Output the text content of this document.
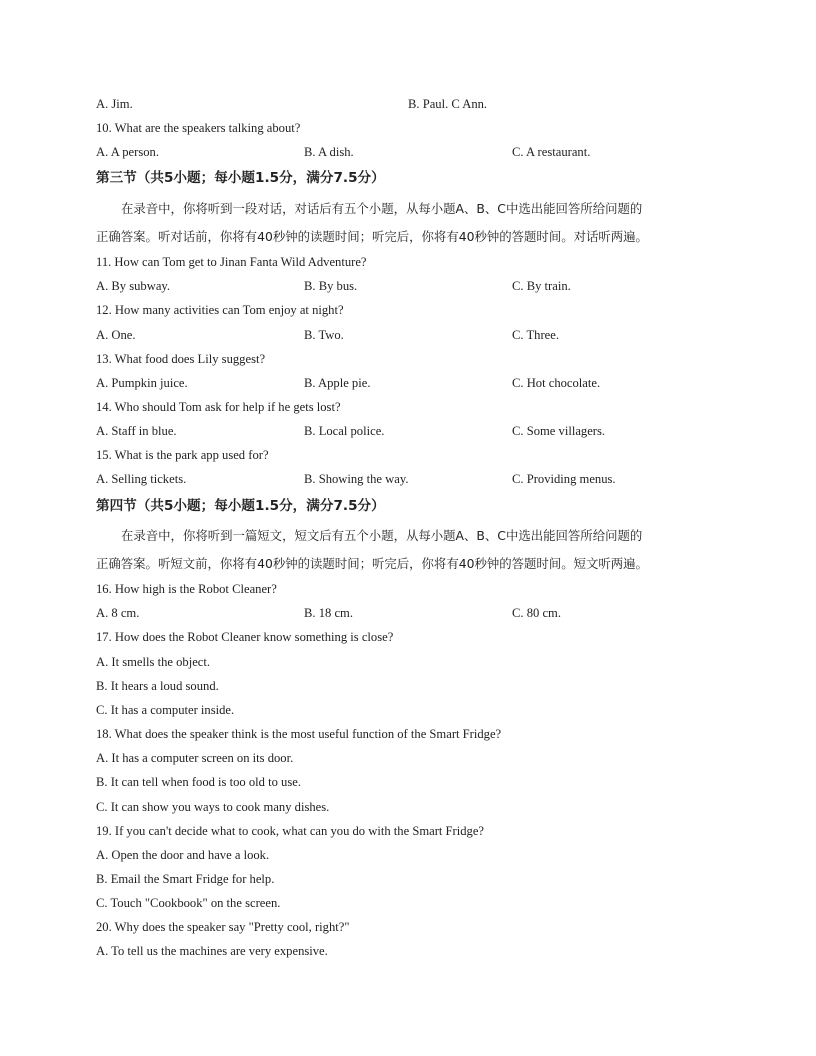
A. Jim.	B. Paul. C Ann.
10. What are the speakers talking about?
A. A person.	B. A dish.	C. A restaurant.
第三节（共5小题；每小题1.5分，满分7.5分）
在录音中，你将听到一段对话，对话后有五个小题，从每小题A、B、C中选出能回答所给问题的
正确答案。听对话前，你将有40秒钟的读题时间；听完后，你将有40秒钟的答题时间。对话听两遍。
11. How can Tom get to Jinan Fanta Wild Adventure?
A. By subway.	B. By bus.	C. By train.
12. How many activities can Tom enjoy at night?
A. One.	B. Two.	C. Three.
13. What food does Lily suggest?
A. Pumpkin juice.	B. Apple pie.	C. Hot chocolate.
14. Who should Tom ask for help if he gets lost?
A. Staff in blue.	B. Local police.	C. Some villagers.
15. What is the park app used for?
A. Selling tickets.	B. Showing the way.	C. Providing menus.
第四节（共5小题；每小题1.5分，满分7.5分）
在录音中，你将听到一篇短文，短文后有五个小题，从每小题A、B、C中选出能回答所给问题的
正确答案。听短文前，你将有40秒钟的读题时间；听完后，你将有40秒钟的答题时间。短文听两遍。
16. How high is the Robot Cleaner?
A. 8 cm.	B. 18 cm.	C. 80 cm.
17. How does the Robot Cleaner know something is close?
A. It smells the object.
B. It hears a loud sound.
C. It has a computer inside.
18. What does the speaker think is the most useful function of the Smart Fridge?
A. It has a computer screen on its door.
B. It can tell when food is too old to use.
C. It can show you ways to cook many dishes.
19. If you can't decide what to cook, what can you do with the Smart Fridge?
A. Open the door and have a look.
B. Email the Smart Fridge for help.
C. Touch "Cookbook" on the screen.
20. Why does the speaker say "Pretty cool, right?"
A. To tell us the machines are very expensive.
